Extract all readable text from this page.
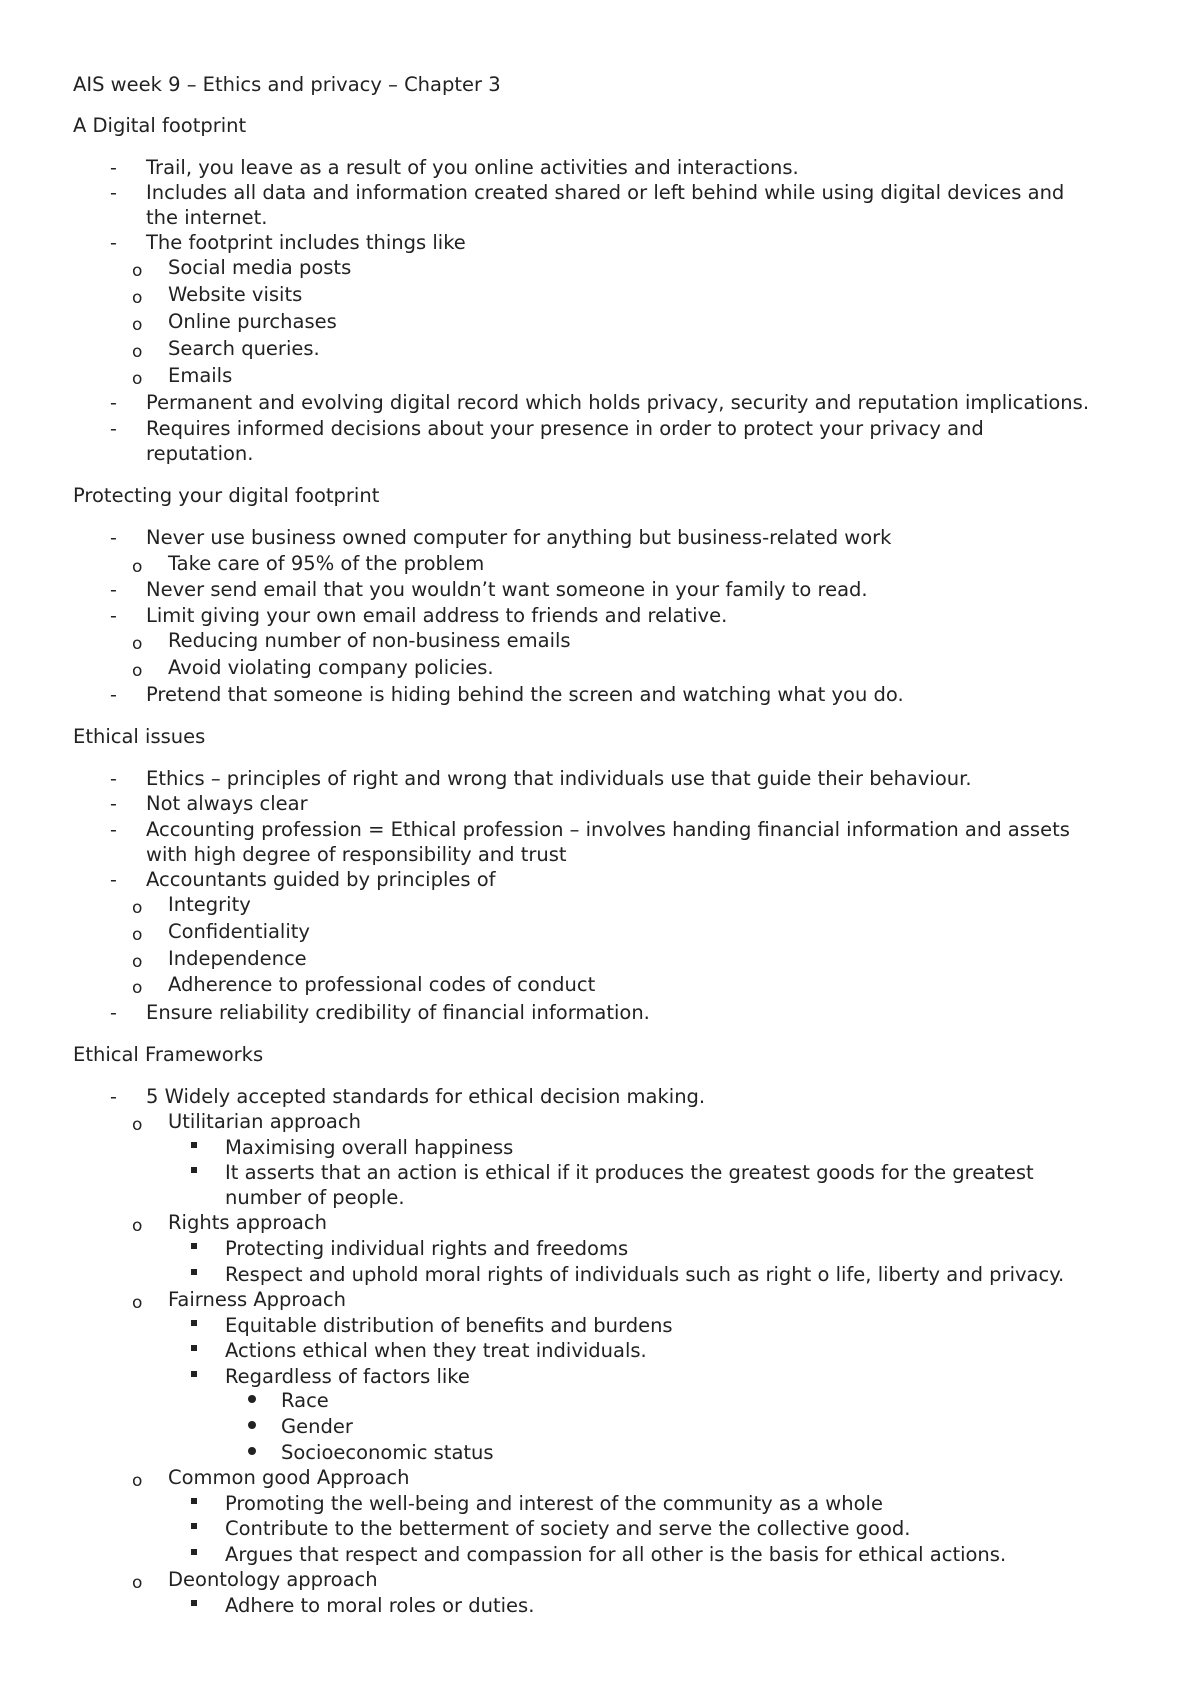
AIS week 9 – Ethics and privacy – Chapter 3
A Digital footprint
- Trail, you leave as a result of you online activities and interactions.
- Includes all data and information created shared or left behind while using digital devices and
the internet.
- The footprint includes things like
o Social media posts
o Website visits
o Online purchases
o Search queries.
o Emails
- Permanent and evolving digital record which holds privacy, security and reputation implications.
- Requires informed decisions about your presence in order to protect your privacy and
reputation.
Protecting your digital footprint
- Never use business owned computer for anything but business-related work
o Take care of 95% of the problem
- Never send email that you wouldn’t want someone in your family to read.
- Limit giving your own email address to friends and relative.
o Reducing number of non-business emails
o Avoid violating company policies.
- Pretend that someone is hiding behind the screen and watching what you do.
Ethical issues
- Ethics – principles of right and wrong that individuals use that guide their behaviour.
- Not always clear
- Accounting profession = Ethical profession – involves handing financial information and assets
with high degree of responsibility and trust
- Accountants guided by principles of
o Integrity
o Confidentiality
o Independence
o Adherence to professional codes of conduct
- Ensure reliability credibility of financial information.
Ethical Frameworks
- 5 Widely accepted standards for ethical decision making.
o Utilitarian approach
Maximising overall happiness
It asserts that an action is ethical if it produces the greatest goods for the greatest
number of people.
o Rights approach
Protecting individual rights and freedoms
Respect and uphold moral rights of individuals such as right o life, liberty and privacy.
o Fairness Approach
Equitable distribution of benefits and burdens
Actions ethical when they treat individuals.
Regardless of factors like
Race
Gender
Socioeconomic status
o Common good Approach
Promoting the well-being and interest of the community as a whole
Contribute to the betterment of society and serve the collective good.
Argues that respect and compassion for all other is the basis for ethical actions.
o Deontology approach
Adhere to moral roles or duties.
